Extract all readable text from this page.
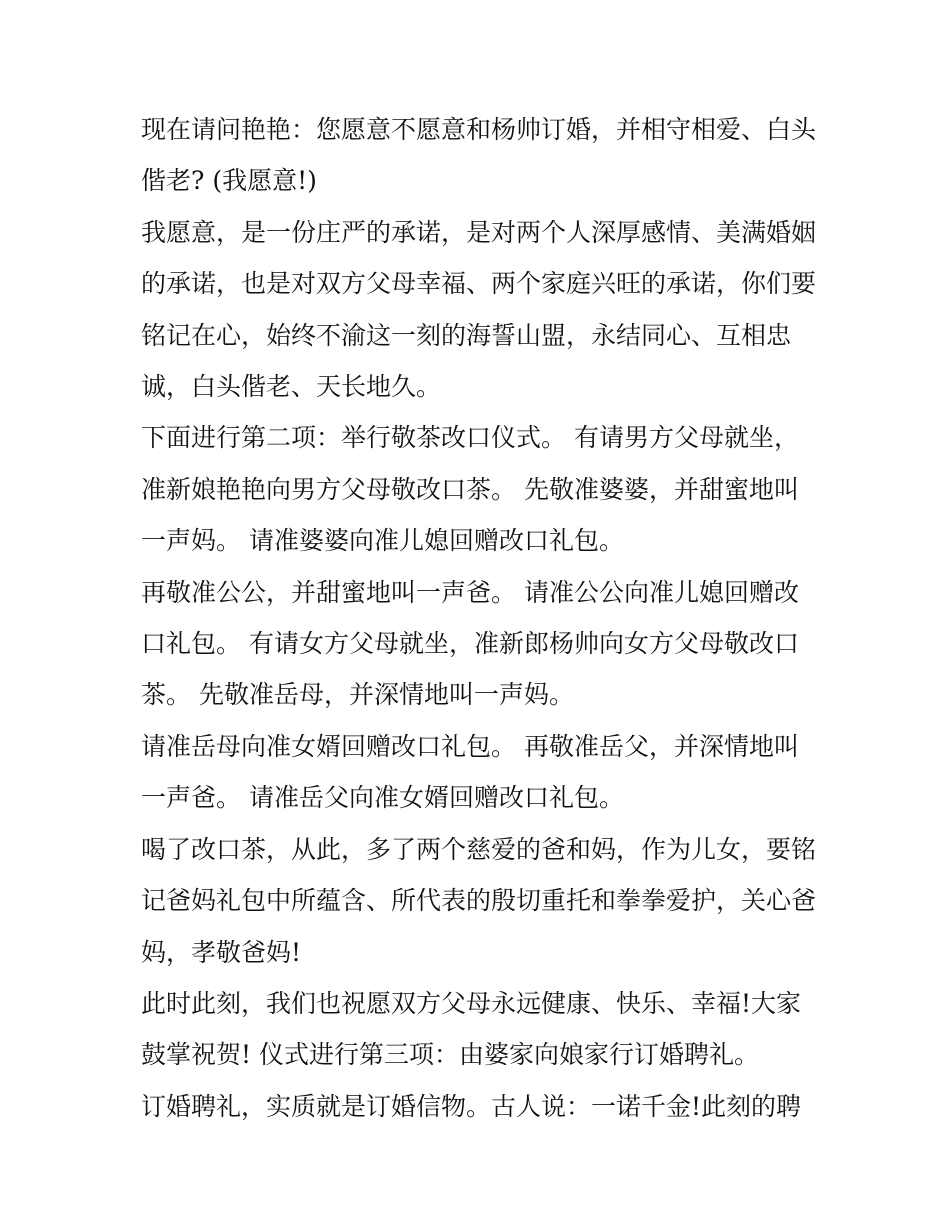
现在请问艳艳：您愿意不愿意和杨帅订婚，并相守相爱、白头
偕老? (我愿意!)

我愿意，是一份庄严的承诺，是对两个人深厚感情、美满婚姻
的承诺，也是对双方父母幸福、两个家庭兴旺的承诺，你们要
铭记在心，始终不渝这一刻的海誓山盟，永结同心、互相忠
诚，白头偕老、天长地久。

下面进行第二项：举行敬茶改口仪式。 有请男方父母就坐，
准新娘艳艳向男方父母敬改口茶。 先敬准婆婆，并甜蜜地叫
一声妈。 请准婆婆向准儿媳回赠改口礼包。

再敬准公公，并甜蜜地叫一声爸。 请准公公向准儿媳回赠改
口礼包。 有请女方父母就坐，准新郎杨帅向女方父母敬改口
茶。 先敬准岳母，并深情地叫一声妈。

请准岳母向准女婿回赠改口礼包。 再敬准岳父，并深情地叫
一声爸。 请准岳父向准女婿回赠改口礼包。

喝了改口茶，从此，多了两个慈爱的爸和妈，作为儿女，要铭
记爸妈礼包中所蕴含、所代表的殷切重托和拳拳爱护，关心爸
妈，孝敬爸妈!

此时此刻，我们也祝愿双方父母永远健康、快乐、幸福!大家
鼓掌祝贺! 仪式进行第三项：由婆家向娘家行订婚聘礼。

订婚聘礼，实质就是订婚信物。古人说：一诺千金!此刻的聘
